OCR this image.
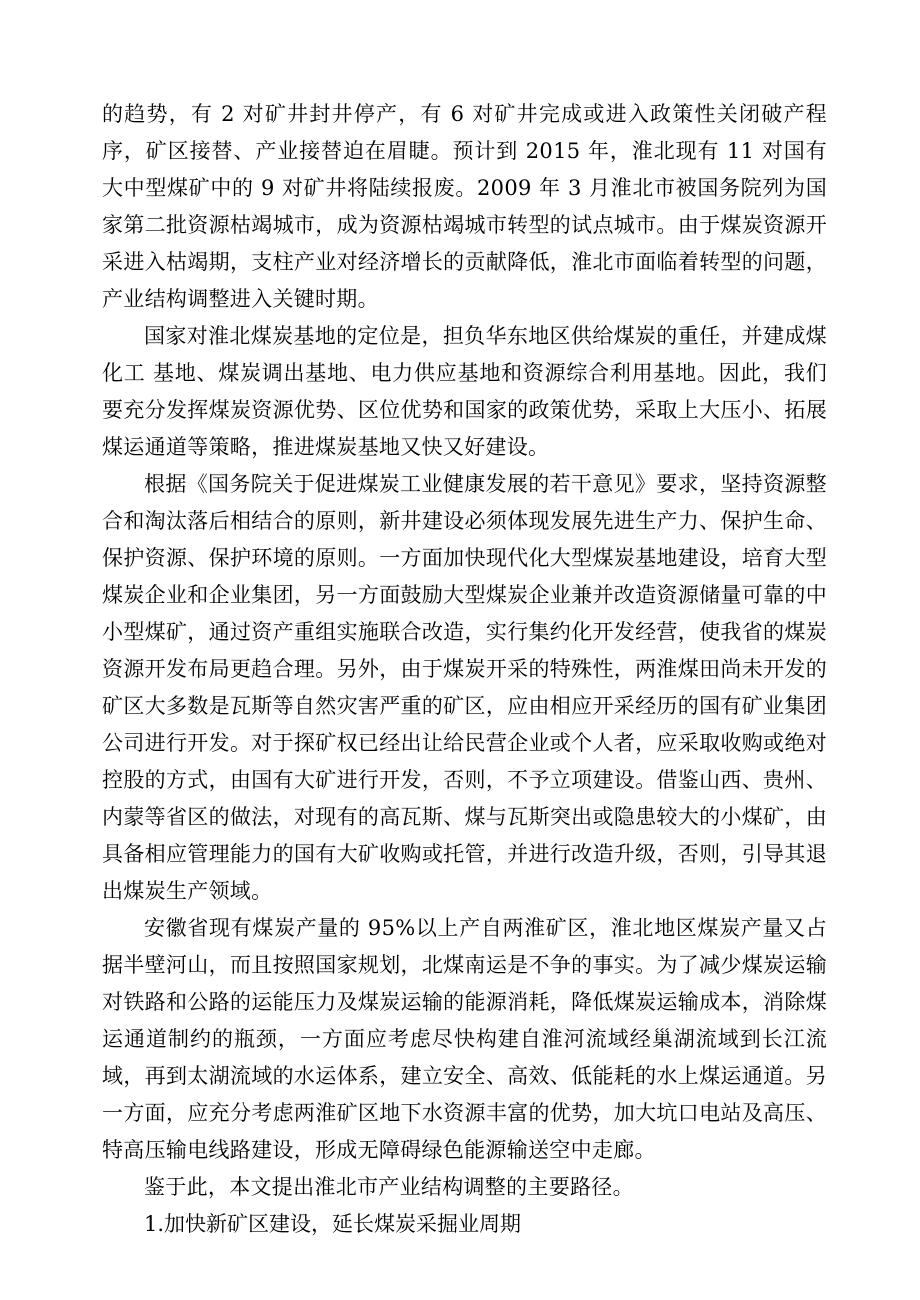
的趋势，有 2 对矿井封井停产，有 6 对矿井完成或进入政策性关闭破产程序，矿区接替、产业接替迫在眉睫。预计到 2015 年，淮北现有 11 对国有大中型煤矿中的 9 对矿井将陆续报废。2009 年 3 月淮北市被国务院列为国家第二批资源枯竭城市，成为资源枯竭城市转型的试点城市。由于煤炭资源开采进入枯竭期，支柱产业对经济增长的贡献降低，淮北市面临着转型的问题，产业结构调整进入关键时期。

国家对淮北煤炭基地的定位是，担负华东地区供给煤炭的重任，并建成煤化工 基地、煤炭调出基地、电力供应基地和资源综合利用基地。因此，我们要充分发挥煤炭资源优势、区位优势和国家的政策优势，采取上大压小、拓展煤运通道等策略，推进煤炭基地又快又好建设。

根据《国务院关于促进煤炭工业健康发展的若干意见》要求，坚持资源整合和淘汰落后相结合的原则，新井建设必须体现发展先进生产力、保护生命、保护资源、保护环境的原则。一方面加快现代化大型煤炭基地建设，培育大型煤炭企业和企业集团，另一方面鼓励大型煤炭企业兼并改造资源储量可靠的中小型煤矿，通过资产重组实施联合改造，实行集约化开发经营，使我省的煤炭资源开发布局更趋合理。另外，由于煤炭开采的特殊性，两淮煤田尚未开发的矿区大多数是瓦斯等自然灾害严重的矿区，应由相应开采经历的国有矿业集团公司进行开发。对于探矿权已经出让给民营企业或个人者，应采取收购或绝对控股的方式，由国有大矿进行开发，否则，不予立项建设。借鉴山西、贵州、内蒙等省区的做法，对现有的高瓦斯、煤与瓦斯突出或隐患较大的小煤矿，由具备相应管理能力的国有大矿收购或托管，并进行改造升级，否则，引导其退出煤炭生产领域。

安徽省现有煤炭产量的 95%以上产自两淮矿区，淮北地区煤炭产量又占据半壁河山，而且按照国家规划，北煤南运是不争的事实。为了减少煤炭运输对铁路和公路的运能压力及煤炭运输的能源消耗，降低煤炭运输成本，消除煤运通道制约的瓶颈，一方面应考虑尽快构建自淮河流域经巢湖流域到长江流域，再到太湖流域的水运体系，建立安全、高效、低能耗的水上煤运通道。另一方面，应充分考虑两淮矿区地下水资源丰富的优势，加大坑口电站及高压、特高压输电线路建设，形成无障碍绿色能源输送空中走廊。

鉴于此，本文提出淮北市产业结构调整的主要路径。

1.加快新矿区建设，延长煤炭采掘业周期
